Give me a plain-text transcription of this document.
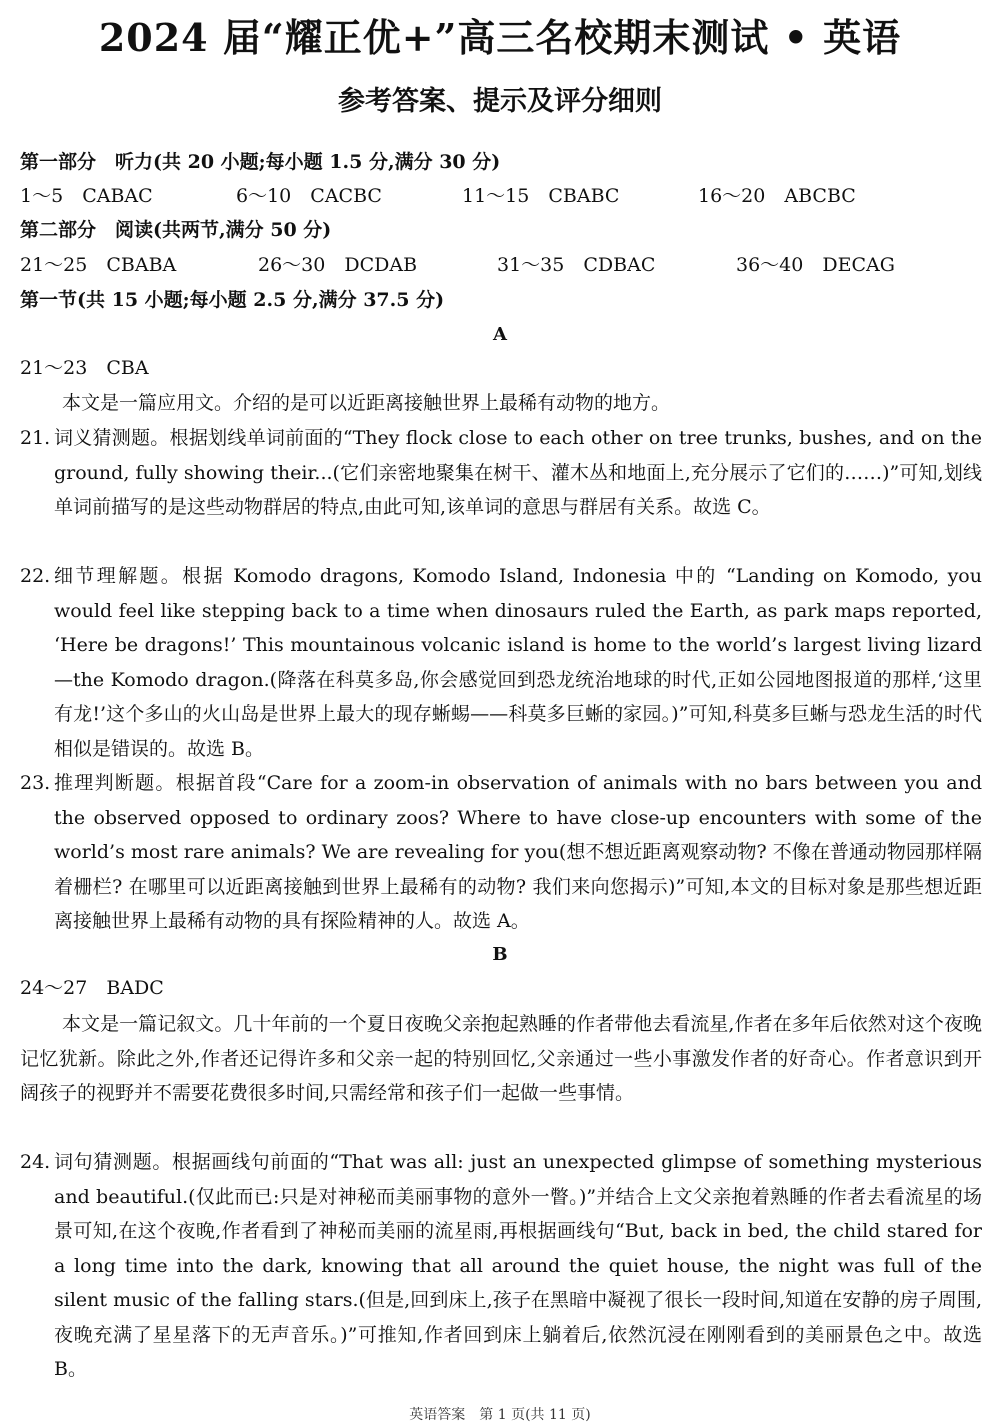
2024 届“耀正优+”高三名校期末测试 • 英语
参考答案、提示及评分细则
第一部分　听力(共 20 小题;每小题 1.5 分,满分 30 分)
1～5　 CABAC	6～10　 CACBC	11～15　 CBABC	16～20　 ABCBC
第二部分　阅读(共两节,满分 50 分)
21～25　 CBABA	26～30　 DCDAB	31～35　 CDBAC	36～40　 DECAG
第一节(共 15 小题;每小题 2.5 分,满分 37.5 分)
A
21～23　CBA
本文是一篇应用文。介绍的是可以近距离接触世界上最稀有动物的地方。
21. 词义猜测题。根据划线单词前面的“They flock close to each other on tree trunks, bushes, and on the ground, fully showing their...(它们亲密地聚集在树干、灌木丛和地面上,充分展示了它们的……)”可知,划线单词前描写的是这些动物群居的特点,由此可知,该单词的意思与群居有关系。故选 C。
22. 细节理解题。根据 Komodo dragons, Komodo Island, Indonesia 中的 “Landing on Komodo, you would feel like stepping back to a time when dinosaurs ruled the Earth, as park maps reported, ‘Here be dragons!’ This mountainous volcanic island is home to the world’s largest living lizard—the Komodo dragon.(降落在科莫多岛,你会感觉回到恐龙统治地球的时代,正如公园地图报道的那样,‘这里有龙!’这个多山的火山岛是世界上最大的现存蜥蜴——科莫多巨蜥的家园。)”可知,科莫多巨蜥与恐龙生活的时代相似是错误的。故选 B。
23. 推理判断题。根据首段“Care for a zoom-in observation of animals with no bars between you and the observed opposed to ordinary zoos? Where to have close-up encounters with some of the world’s most rare animals? We are revealing for you(想不想近距离观察动物? 不像在普通动物园那样隔着栅栏? 在哪里可以近距离接触到世界上最稀有的动物? 我们来向您揭示)”可知,本文的目标对象是那些想近距离接触世界上最稀有动物的具有探险精神的人。故选 A。
B
24～27　BADC
本文是一篇记叙文。几十年前的一个夏日夜晚父亲抱起熟睡的作者带他去看流星,作者在多年后依然对这个夜晚记忆犹新。除此之外,作者还记得许多和父亲一起的特别回忆,父亲通过一些小事激发作者的好奇心。作者意识到开阔孩子的视野并不需要花费很多时间,只需经常和孩子们一起做一些事情。
24. 词句猜测题。根据画线句前面的“That was all: just an unexpected glimpse of something mysterious and beautiful.(仅此而已:只是对神秘而美丽事物的意外一瞥。)”并结合上文父亲抱着熟睡的作者去看流星的场景可知,在这个夜晚,作者看到了神秘而美丽的流星雨,再根据画线句“But, back in bed, the child stared for a long time into the dark, knowing that all around the quiet house, the night was full of the silent music of the falling stars.(但是,回到床上,孩子在黑暗中凝视了很长一段时间,知道在安静的房子周围,夜晚充满了星星落下的无声音乐。)”可推知,作者回到床上躺着后,依然沉浸在刚刚看到的美丽景色之中。故选 B。
英语答案　第 1 页(共 11 页)
